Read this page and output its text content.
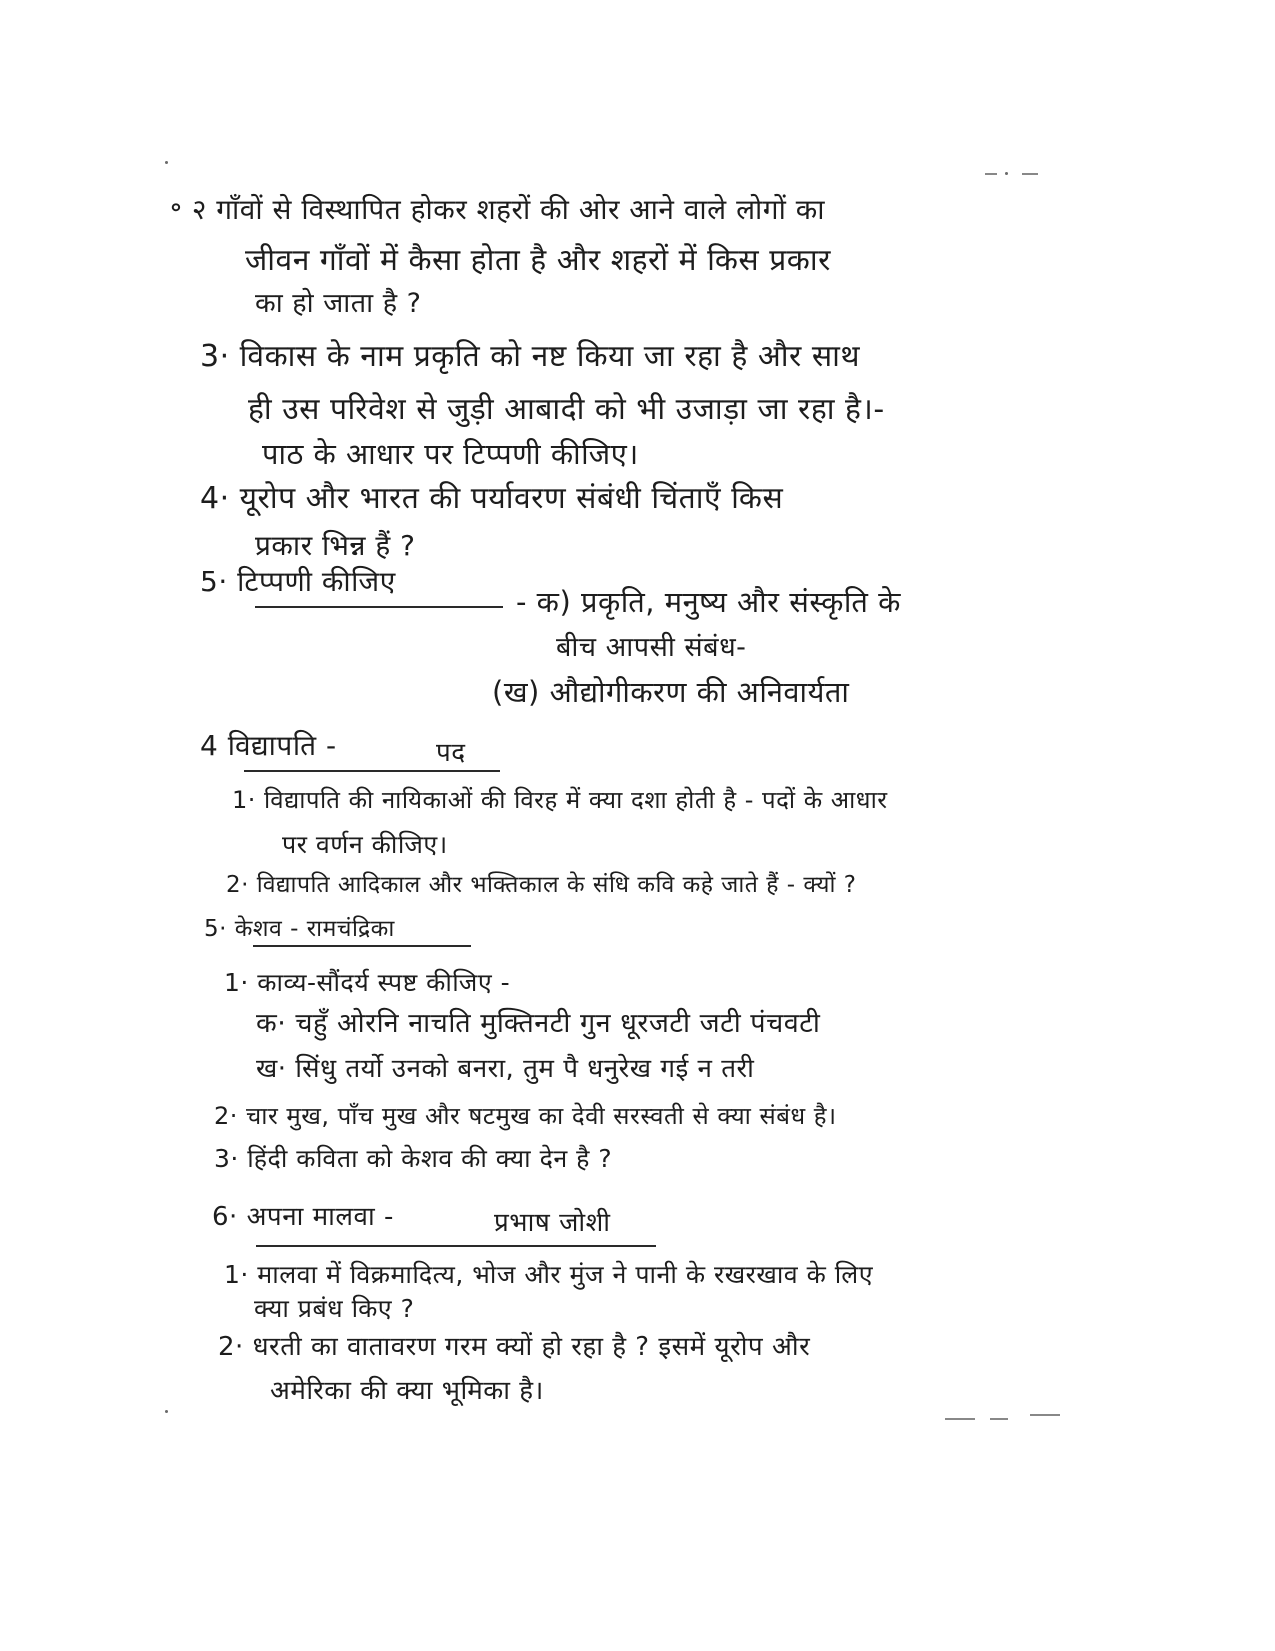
॰ २ गाँवों से विस्थापित होकर शहरों की ओर आने वाले लोगों का
जीवन गाँवों में कैसा होता है और शहरों में किस प्रकार
का हो जाता है ?
3· विकास के नाम प्रकृति को नष्ट किया जा रहा है और साथ
ही उस परिवेश से जुड़ी आबादी को भी उजाड़ा जा रहा है।-
पाठ के आधार पर टिप्पणी कीजिए।
4· यूरोप और भारत की पर्यावरण संबंधी चिंताएँ किस
प्रकार भिन्न हैं ?
5· टिप्पणी कीजिए
- क) प्रकृति, मनुष्य और संस्कृति के
बीच आपसी संबंध-
(ख) औद्योगीकरण की अनिवार्यता
4 विद्यापति -	पद
1· विद्यापति की नायिकाओं की विरह में क्या दशा होती है - पदों के आधार
पर वर्णन कीजिए।
2· विद्यापति आदिकाल और भक्तिकाल के संधि कवि कहे जाते हैं - क्यों ?
5· केशव - रामचंद्रिका
1· काव्य-सौंदर्य स्पष्ट कीजिए -
क· चहुँ ओरनि नाचति मुक्तिनटी गुन धूरजटी जटी पंचवटी
ख· सिंधु तर्यो उनको बनरा, तुम पै धनुरेख गई न तरी
2· चार मुख, पाँच मुख और षटमुख का देवी सरस्वती से क्या संबंध है।
3· हिंदी कविता को केशव की क्या देन है ?
6· अपना मालवा -	प्रभाष जोशी
1· मालवा में विक्रमादित्य, भोज और मुंज ने पानी के रखरखाव के लिए
क्या प्रबंध किए ?
2· धरती का वातावरण गरम क्यों हो रहा है ? इसमें यूरोप और
अमेरिका की क्या भूमिका है।
